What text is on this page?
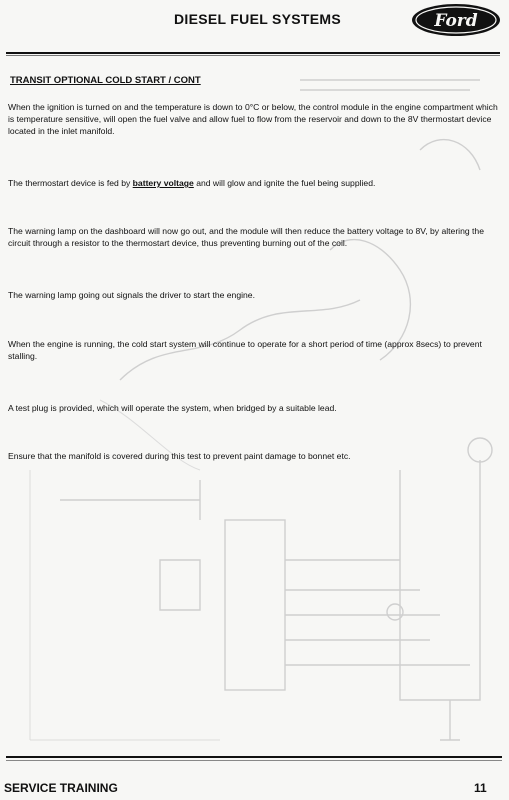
DIESEL FUEL SYSTEMS	Ford
TRANSIT OPTIONAL COLD START / CONT

When the ignition is turned on and the temperature is down to 0°C or below, the control module in the engine compartment which is temperature sensitive, will open the fuel valve and allow fuel to flow from the reservoir and down to the 8V thermostart device located in the inlet manifold.

The thermostart device is fed by battery voltage and will glow and ignite the fuel being supplied.

The warning lamp on the dashboard will now go out, and the module will then reduce the battery voltage to 8V, by altering the circuit through a resistor to the thermostart device, thus preventing burning out of the coil.

The warning lamp going out signals the driver to start the engine.

When the engine is running, the cold start system will continue to operate for a short period of time (approx 8secs) to prevent stalling.

A test plug is provided, which will operate the system, when bridged by a suitable lead.

Ensure that the manifold is covered during this test to prevent paint damage to bonnet etc.

SERVICE TRAINING	11
